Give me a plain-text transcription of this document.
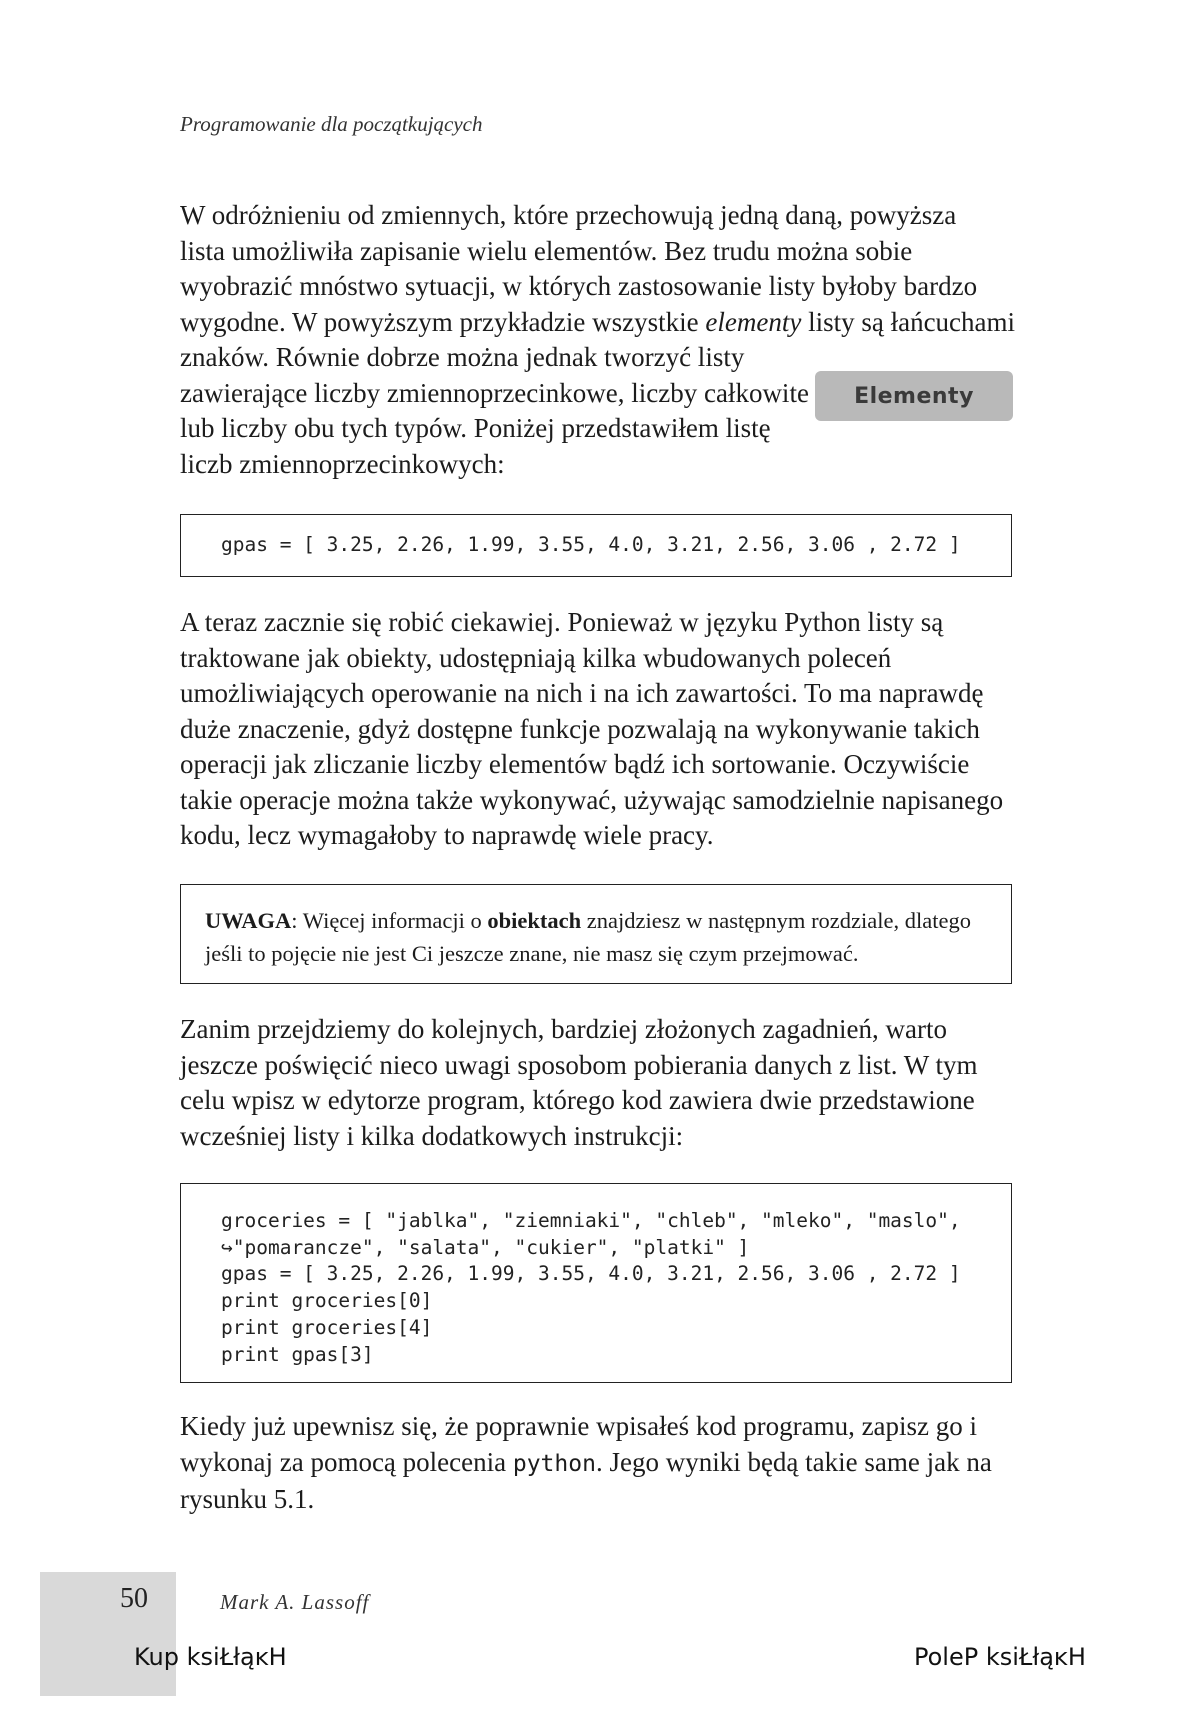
Programowanie dla początkujących
W odróżnieniu od zmiennych, które przechowują jedną daną, powyższa
lista umożliwiła zapisanie wielu elementów. Bez trudu można sobie
wyobrazić mnóstwo sytuacji, w których zastosowanie listy byłoby bardzo
wygodne. W powyższym przykładzie wszystkie elementy listy są łańcuchami
znaków. Równie dobrze można jednak tworzyć listy
zawierające liczby zmiennoprzecinkowe, liczby całkowite
lub liczby obu tych typów. Poniżej przedstawiłem listę
liczb zmiennoprzecinkowych:
Elementy
gpas = [ 3.25, 2.26, 1.99, 3.55, 4.0, 3.21, 2.56, 3.06 , 2.72 ]

A teraz zacznie się robić ciekawiej. Ponieważ w języku Python listy są traktowane jak obiekty, udostępniają kilka wbudowanych poleceń umożliwiających operowanie na nich i na ich zawartości. To ma naprawdę duże znaczenie, gdyż dostępne funkcje pozwalają na wykonywanie takich operacji jak zliczanie liczby elementów bądź ich sortowanie. Oczywiście takie operacje można także wykonywać, używając samodzielnie napisanego kodu, lecz wymagałoby to naprawdę wiele pracy.

UWAGA: Więcej informacji o obiektach znajdziesz w następnym rozdziale, dlatego jeśli to pojęcie nie jest Ci jeszcze znane, nie masz się czym przejmować.

Zanim przejdziemy do kolejnych, bardziej złożonych zagadnień, warto jeszcze poświęcić nieco uwagi sposobom pobierania danych z list. W tym celu wpisz w edytorze program, którego kod zawiera dwie przedstawione wcześniej listy i kilka dodatkowych instrukcji:

groceries = [ "jablka", "ziemniaki", "chleb", "mleko", "maslo",
↪"pomarancze", "salata", "cukier", "platki" ]
gpas = [ 3.25, 2.26, 1.99, 3.55, 4.0, 3.21, 2.56, 3.06 , 2.72 ]
print groceries[0]
print groceries[4]
print gpas[3]

Kiedy już upewnisz się, że poprawnie wpisałeś kod programu, zapisz go i wykonaj za pomocą polecenia python. Jego wyniki będą takie same jak na rysunku 5.1.

50	Mark A. Lassoff
Kup ksiŁłąĸH	PoleP ksiŁłąĸH
